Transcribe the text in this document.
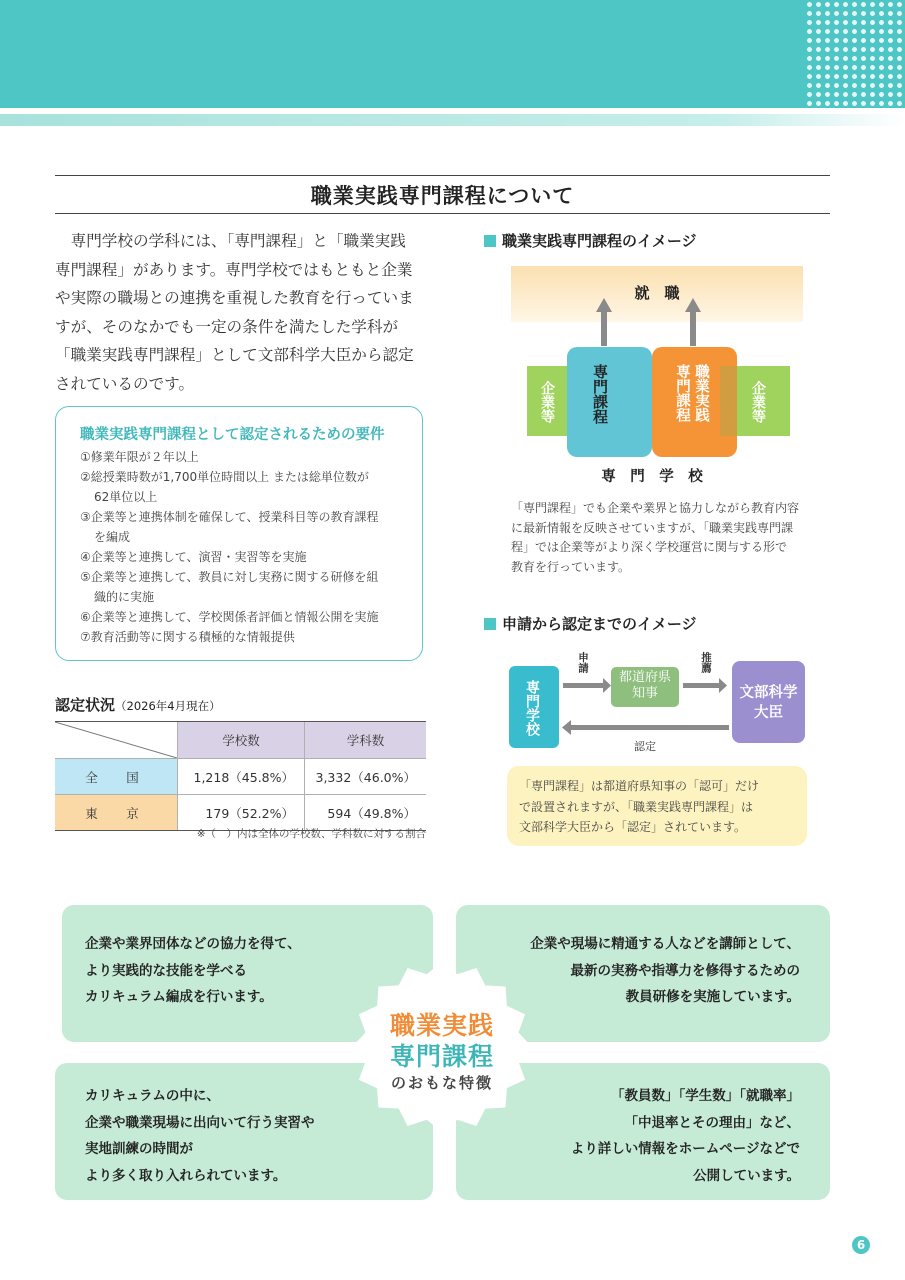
職業実践専門課程について

　専門学校の学科には、「専門課程」と「職業実践

専門課程」があります。専門学校ではもともと企業

や実際の職場との連携を重視した教育を行っていま

すが、そのなかでも一定の条件を満たした学科が

「職業実践専門課程」として文部科学大臣から認定

されているのです。

職業実践専門課程として認定されるための要件
①修業年限が２年以上
②総授業時数が1,700単位時間以上 または総単位数が
62単位以上
③企業等と連携体制を確保して、授業科目等の教育課程
を編成
④企業等と連携して、演習・実習等を実施
⑤企業等と連携して、教員に対し実務に関する研修を組
織的に実施
⑥企業等と連携して、学校関係者評価と情報公開を実施
⑦教育活動等に関する積極的な情報提供
認定状況（2026年4月現在）
	学校数	学科数
全　国	1,218（45.8%）	3,332（46.0%）
東　京	179（52.2%）	594（49.8%）
※（　）内は全体の学校数、学科数に対する割合
職業実践専門課程のイメージ
就　職
企業等	企業等
専門課程	職業実践
専門課程
専　門　学　校
「専門課程」でも企業や業界と協力しながら教育内容
に最新情報を反映させていますが、「職業実践専門課
程」では企業等がより深く学校運営に関与する形で
教育を行っています。
申請から認定までのイメージ
専門学校
都道府県
知事	文部科学
大臣
申請	推薦
認定
「専門課程」は都道府県知事の「認可」だけ
で設置されますが、「職業実践専門課程」は
文部科学大臣から「認定」されています。
企業や業界団体などの協力を得て、
より実践的な技能を学べる
カリキュラム編成を行います。
企業や現場に精通する人などを講師として、
最新の実務や指導力を修得するための
教員研修を実施しています。
カリキュラムの中に、
企業や職業現場に出向いて行う実習や
実地訓練の時間が
より多く取り入れられています。
「教員数」「学生数」「就職率」
「中退率とその理由」など、
より詳しい情報をホームページなどで
公開しています。
職業実践
専門課程
のおもな特徴
6
